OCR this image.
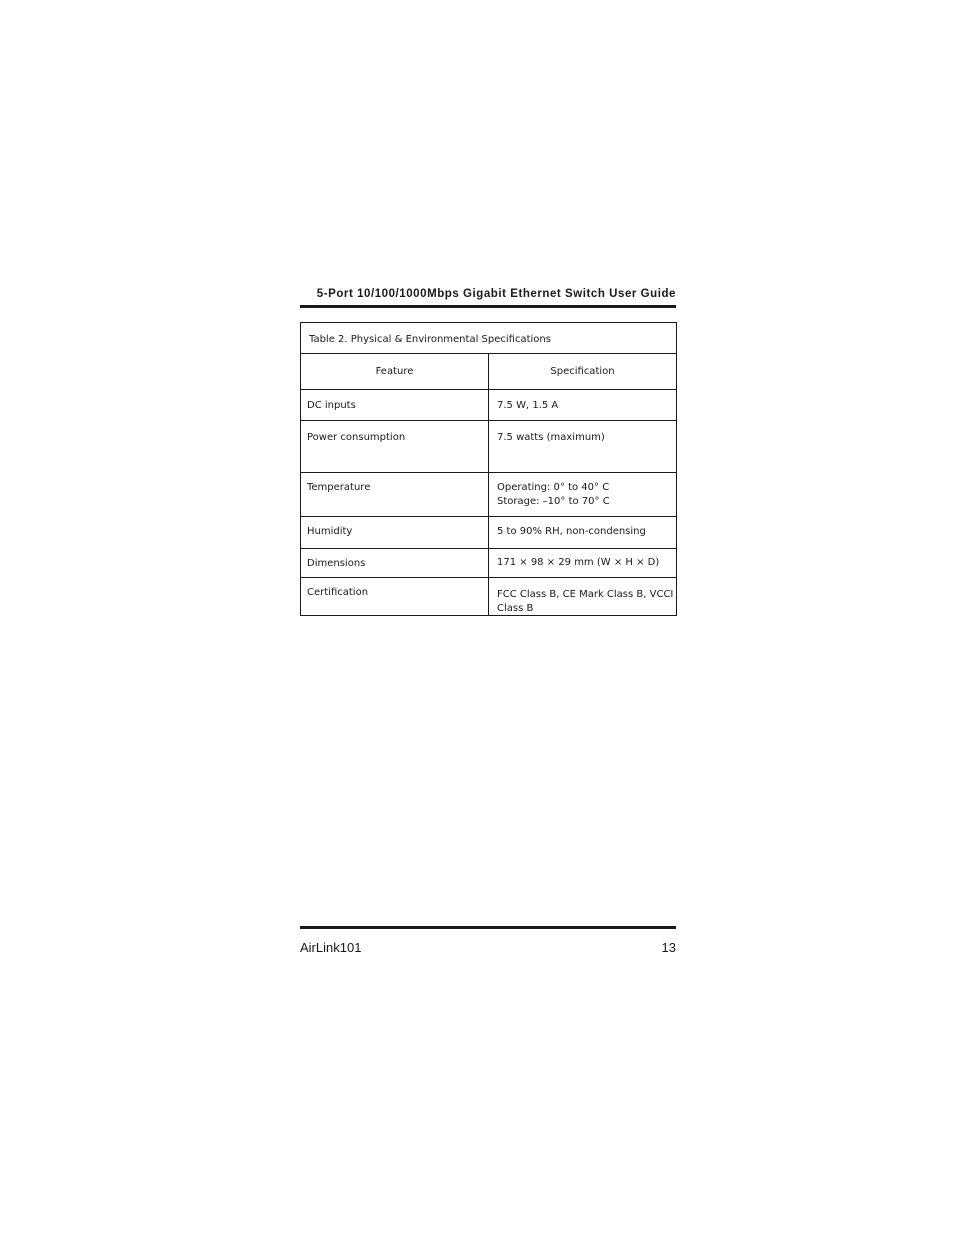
5-Port 10/100/1000Mbps Gigabit Ethernet Switch User Guide
Table 2. Physical & Environmental Specifications	
Feature	Specification
DC inputs	7.5 W, 1.5 A

Power consumption	7.5 watts (maximum)

Temperature	Operating: 0° to 40° C
Storage: –10° to 70° C

Humidity	5 to 90% RH, non-condensing

Dimensions	171 × 98 × 29 mm (W × H × D)

Certification	FCC Class B, CE Mark Class B, VCCI Class B
AirLink101	13
